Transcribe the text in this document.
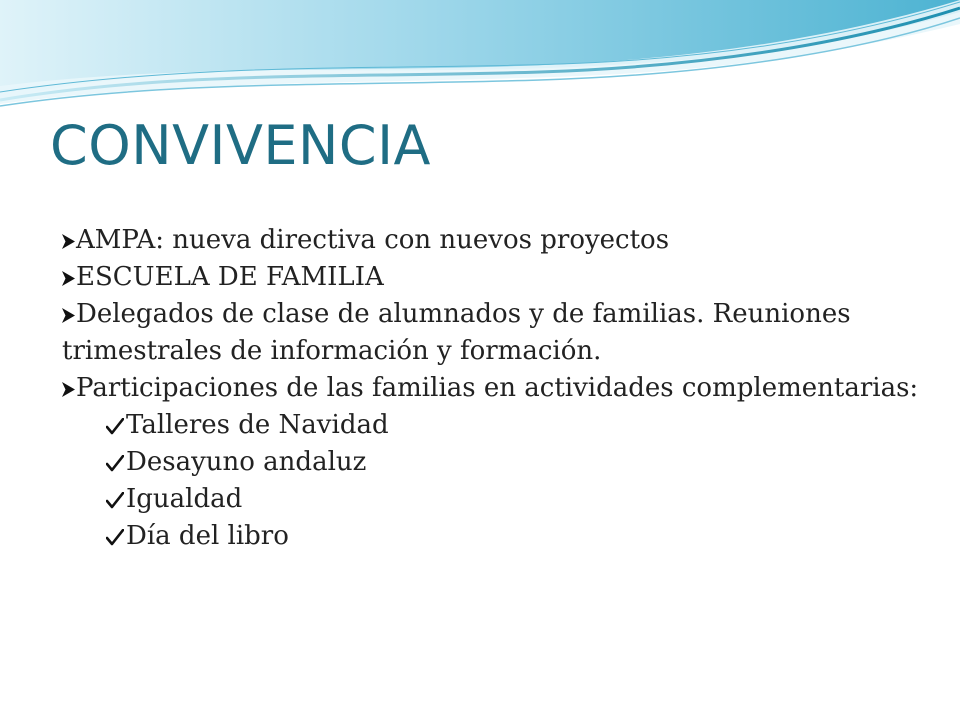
CONVIVENCIA
AMPA: nueva directiva con nuevos proyectos
ESCUELA DE FAMILIA
Delegados de clase de alumnados y de familias. Reuniones trimestrales de información y formación.
Participaciones de las familias en actividades complementarias:
Talleres de Navidad
Desayuno andaluz
Igualdad
Día del libro
